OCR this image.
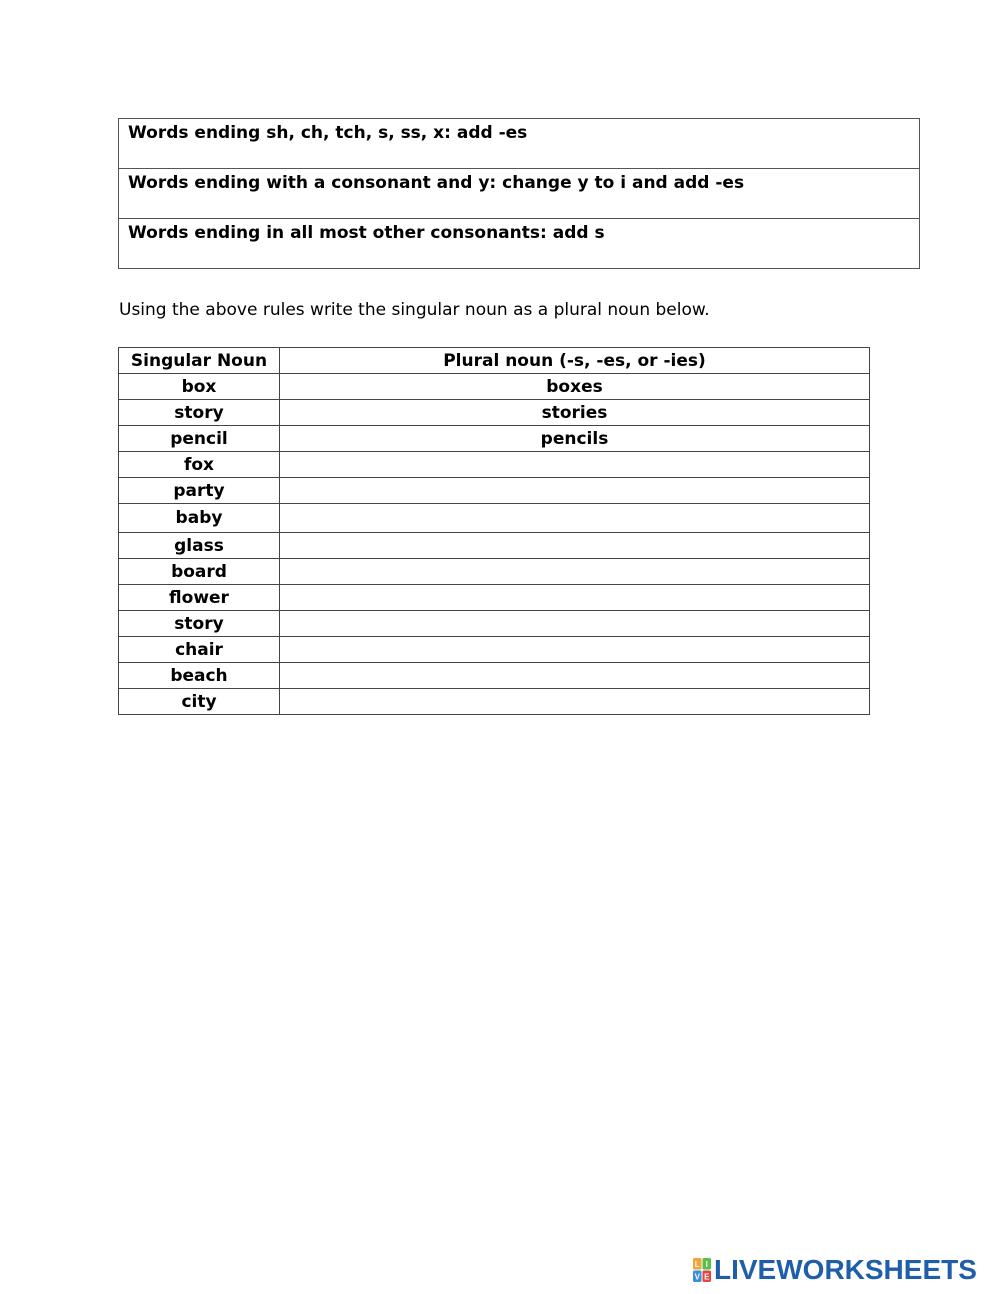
Words ending sh, ch, tch, s, ss, x: add -es
Words ending with a consonant and y: change y to i and add -es
Words ending in all most other consonants: add s
Using the above rules write the singular noun as a plural noun below.
Singular Noun	Plural noun (-s, -es, or -ies)
box	boxes
story	stories
pencil	pencils
fox	
party	
baby	
glass	
board	
flower	
story	
chair	
beach	
city	
L I
V E LIVEWORKSHEETS
